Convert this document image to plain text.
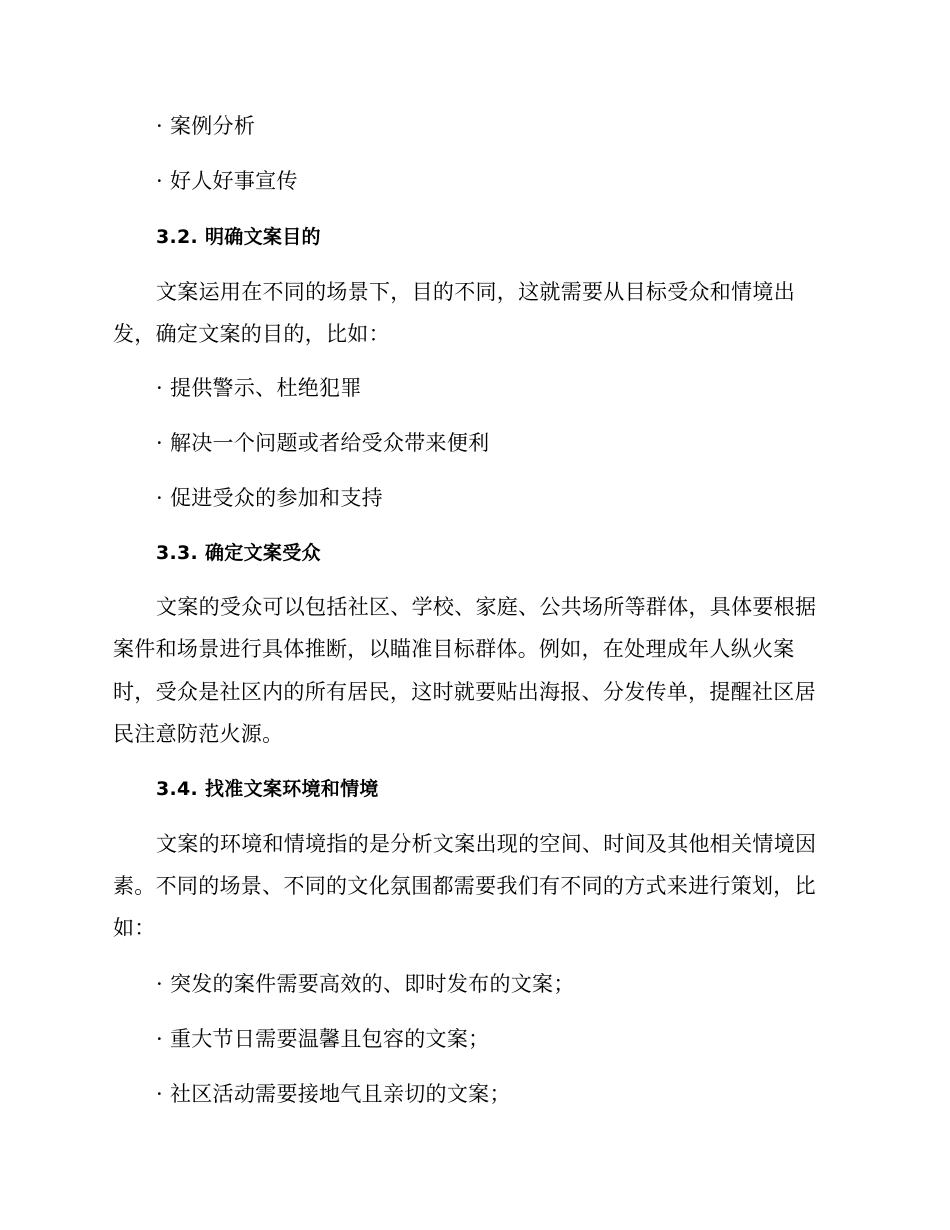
· 案例分析
· 好人好事宣传
3.2. 明确文案目的
文案运用在不同的场景下，目的不同，这就需要从目标受众和情境出
发，确定文案的目的，比如：
· 提供警示、杜绝犯罪
· 解决一个问题或者给受众带来便利
· 促进受众的参加和支持
3.3. 确定文案受众
文案的受众可以包括社区、学校、家庭、公共场所等群体，具体要根据
案件和场景进行具体推断，以瞄准目标群体。例如，在处理成年人纵火案
时，受众是社区内的所有居民，这时就要贴出海报、分发传单，提醒社区居
民注意防范火源。
3.4. 找准文案环境和情境
文案的环境和情境指的是分析文案出现的空间、时间及其他相关情境因
素。不同的场景、不同的文化氛围都需要我们有不同的方式来进行策划，比
如：
· 突发的案件需要高效的、即时发布的文案；
· 重大节日需要温馨且包容的文案；
· 社区活动需要接地气且亲切的文案；
